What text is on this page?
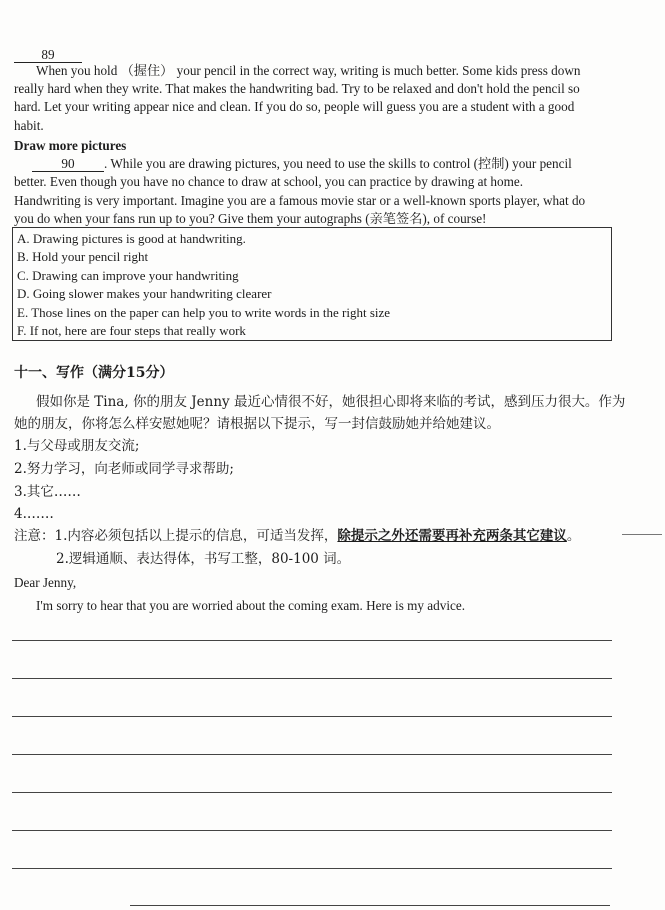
89
When you hold （握住） your pencil in the correct way, writing is much better. Some kids press down
really hard when they write. That makes the handwriting bad. Try to be relaxed and don't hold the pencil so
hard. Let your writing appear nice and clean. If you do so, people will guess you are a student with a good
habit.
Draw more pictures
90 . While you are drawing pictures, you need to use the skills to control (控制) your pencil
better. Even though you have no chance to draw at school, you can practice by drawing at home.
Handwriting is very important. Imagine you are a famous movie star or a well-known sports player, what do
you do when your fans run up to you? Give them your autographs (亲笔签名), of course!
A. Drawing pictures is good at handwriting.
B. Hold your pencil right
C. Drawing can improve your handwriting
D. Going slower makes your handwriting clearer
E. Those lines on the paper can help you to write words in the right size
F. If not, here are four steps that really work
十一、写作（满分15分）
假如你是 Tina, 你的朋友 Jenny 最近心情很不好，她很担心即将来临的考试，感到压力很大。作为
她的朋友，你将怎么样安慰她呢？请根据以下提示，写一封信鼓励她并给她建议。
1.与父母或朋友交流;
2.努力学习，向老师或同学寻求帮助;
3.其它……
4.……
注意：1.内容必须包括以上提示的信息，可适当发挥，除提示之外还需要再补充两条其它建议。
2.逻辑通顺、表达得体，书写工整，80-100 词。
Dear Jenny,
I'm sorry to hear that you are worried about the coming exam. Here is my advice.
